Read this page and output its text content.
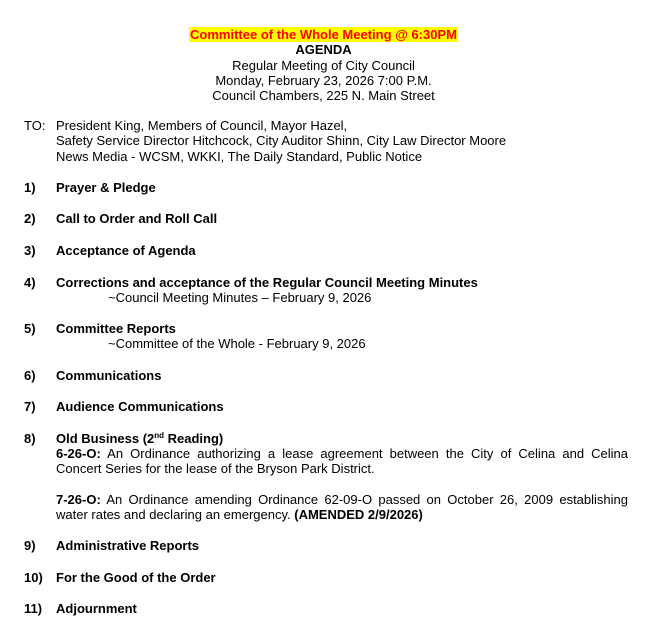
Committee of the Whole Meeting @ 6:30PM
AGENDA
Regular Meeting of City Council
Monday, February 23, 2026 7:00 P.M.
Council Chambers, 225 N. Main Street
TO: President King, Members of Council, Mayor Hazel,
Safety Service Director Hitchcock, City Auditor Shinn, City Law Director Moore
News Media - WCSM, WKKI, The Daily Standard, Public Notice
1) Prayer & Pledge
2) Call to Order and Roll Call
3) Acceptance of Agenda
4) Corrections and acceptance of the Regular Council Meeting Minutes
~Council Meeting Minutes – February 9, 2026
5) Committee Reports
~Committee of the Whole - February 9, 2026
6) Communications
7) Audience Communications
8) Old Business (2nd Reading)
6-26-O: An Ordinance authorizing a lease agreement between the City of Celina and Celina Concert Series for the lease of the Bryson Park District.
7-26-O: An Ordinance amending Ordinance 62-09-O passed on October 26, 2009 establishing water rates and declaring an emergency. (AMENDED 2/9/2026)
9) Administrative Reports
10) For the Good of the Order
11) Adjournment
